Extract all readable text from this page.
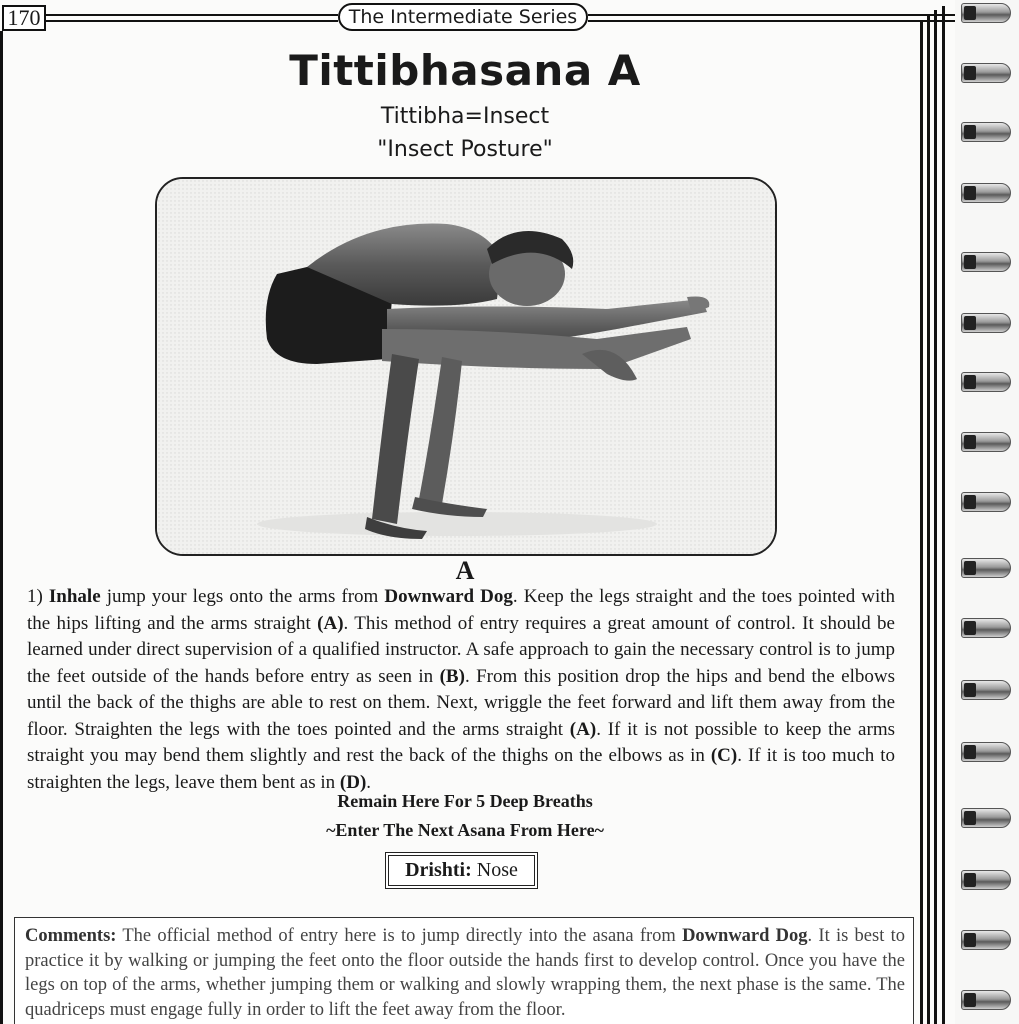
170	The Intermediate Series
Tittibhasana A
Tittibha=Insect
"Insect Posture"
A

1) Inhale jump your legs onto the arms from Downward Dog. Keep the legs straight and the toes pointed with the hips lifting and the arms straight (A). This method of entry requires a great amount of control. It should be learned under direct supervision of a qualified instructor. A safe approach to gain the necessary control is to jump the feet outside of the hands before entry as seen in (B). From this position drop the hips and bend the elbows until the back of the thighs are able to rest on them. Next, wriggle the feet forward and lift them away from the floor. Straighten the legs with the toes pointed and the arms straight (A). If it is not possible to keep the arms straight you may bend them slightly and rest the back of the thighs on the elbows as in (C). If it is too much to straighten the legs, leave them bent as in (D).

Remain Here For 5 Deep Breaths
~Enter The Next Asana From Here~
Drishti: Nose

Comments: The official method of entry here is to jump directly into the asana from Downward Dog. It is best to practice it by walking or jumping the feet onto the floor outside the hands first to develop control. Once you have the legs on top of the arms, whether jumping them or walking and slowly wrapping them, the next phase is the same. The quadriceps must engage fully in order to lift the feet away from the floor.
